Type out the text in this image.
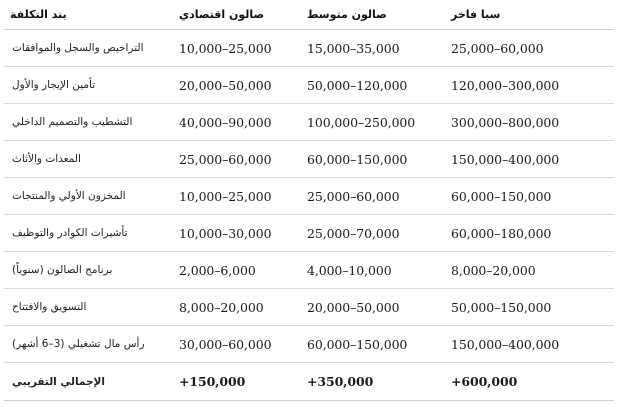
بند التكلفة	صالون اقتصادي	صالون متوسط	سبا فاخر
التراخيص والسجل والموافقات	10,000–25,000	15,000–35,000	25,000–60,000
تأمين الإيجار والأول	20,000–50,000	50,000–120,000	120,000–300,000
التشطيب والتصميم الداخلي	40,000–90,000	100,000–250,000	300,000–800,000
المعدات والأثاث	25,000–60,000	60,000–150,000	150,000–400,000
المخزون الأولي والمنتجات	10,000–25,000	25,000–60,000	60,000–150,000
تأشيرات الكوادر والتوظيف	10,000–30,000	25,000–70,000	60,000–180,000
برنامج الصالون (سنوياً)	2,000–6,000	4,000–10,000	8,000–20,000
التسويق والافتتاح	8,000–20,000	20,000–50,000	50,000–150,000
رأس مال تشغيلي (3–6 أشهر)	30,000–60,000	60,000–150,000	150,000–400,000
الإجمالي التقريبي	+150,000	+350,000	+600,000
